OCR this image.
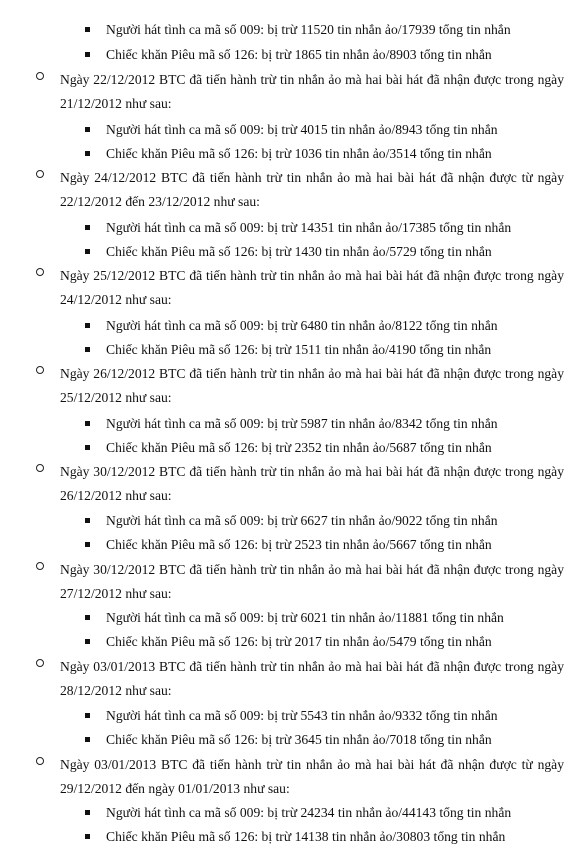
Người hát tình ca mã số 009: bị trừ 11520 tin nhắn ảo/17939 tổng tin nhắn
Chiếc khăn Piêu mã số 126: bị trừ 1865 tin nhắn ảo/8903 tổng tin nhắn
Ngày 22/12/2012 BTC đã tiến hành trừ tin nhắn ảo mà hai bài hát đã nhận được trong ngày 21/12/2012 như sau:
Người hát tình ca mã số 009: bị trừ 4015 tin nhắn ảo/8943 tổng tin nhắn
Chiếc khăn Piêu mã số 126: bị trừ 1036 tin nhắn ảo/3514 tổng tin nhắn
Ngày 24/12/2012 BTC đã tiến hành trừ tin nhắn ảo mà hai bài hát đã nhận được từ ngày 22/12/2012 đến 23/12/2012 như sau:
Người hát tình ca mã số 009: bị trừ 14351 tin nhắn ảo/17385 tổng tin nhắn
Chiếc khăn Piêu mã số 126: bị trừ 1430 tin nhắn ảo/5729 tổng tin nhắn
Ngày 25/12/2012 BTC đã tiến hành trừ tin nhắn ảo mà hai bài hát đã nhận được trong ngày 24/12/2012 như sau:
Người hát tình ca mã số 009: bị trừ 6480 tin nhắn ảo/8122 tổng tin nhắn
Chiếc khăn Piêu mã số 126: bị trừ 1511 tin nhắn ảo/4190 tổng tin nhắn
Ngày 26/12/2012 BTC đã tiến hành trừ tin nhắn ảo mà hai bài hát đã nhận được trong ngày 25/12/2012 như sau:
Người hát tình ca mã số 009: bị trừ 5987 tin nhắn ảo/8342 tổng tin nhắn
Chiếc khăn Piêu mã số 126: bị trừ 2352 tin nhắn ảo/5687 tổng tin nhắn
Ngày 30/12/2012 BTC đã tiến hành trừ tin nhắn ảo mà hai bài hát đã nhận được trong ngày 26/12/2012 như sau:
Người hát tình ca mã số 009: bị trừ 6627 tin nhắn ảo/9022 tổng tin nhắn
Chiếc khăn Piêu mã số 126: bị trừ 2523 tin nhắn ảo/5667 tổng tin nhắn
Ngày 30/12/2012 BTC đã tiến hành trừ tin nhắn ảo mà hai bài hát đã nhận được trong ngày 27/12/2012 như sau:
Người hát tình ca mã số 009: bị trừ 6021 tin nhắn ảo/11881 tổng tin nhắn
Chiếc khăn Piêu mã số 126: bị trừ 2017 tin nhắn ảo/5479 tổng tin nhắn
Ngày 03/01/2013 BTC đã tiến hành trừ tin nhắn ảo mà hai bài hát đã nhận được trong ngày 28/12/2012 như sau:
Người hát tình ca mã số 009: bị trừ 5543 tin nhắn ảo/9332 tổng tin nhắn
Chiếc khăn Piêu mã số 126: bị trừ 3645 tin nhắn ảo/7018 tổng tin nhắn
Ngày 03/01/2013 BTC đã tiến hành trừ tin nhắn ảo mà hai bài hát đã nhận được từ ngày 29/12/2012 đến ngày 01/01/2013 như sau:
Người hát tình ca mã số 009: bị trừ 24234 tin nhắn ảo/44143 tổng tin nhắn
Chiếc khăn Piêu mã số 126: bị trừ 14138 tin nhắn ảo/30803 tổng tin nhắn
